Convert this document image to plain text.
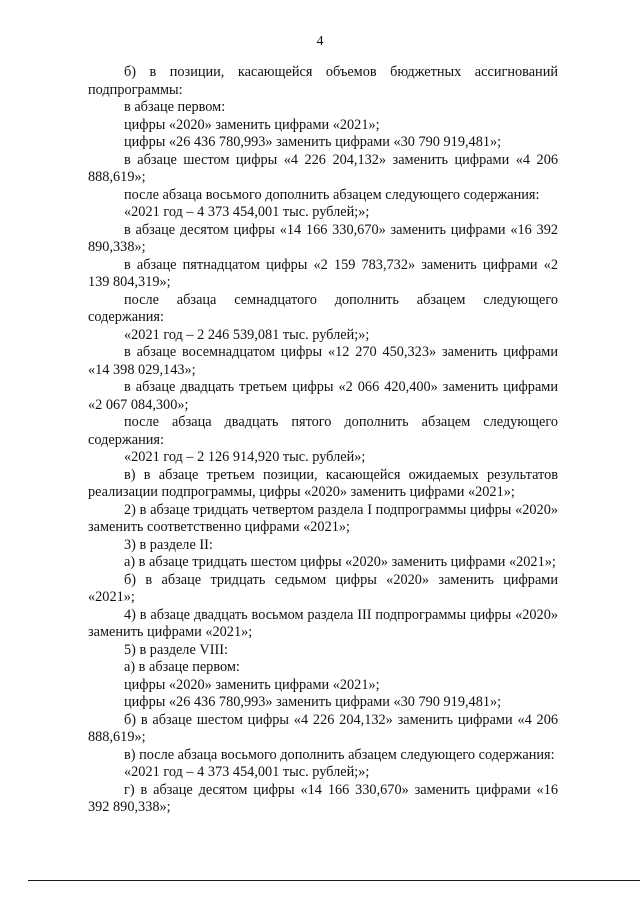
4

б) в позиции, касающейся объемов бюджетных ассигнований подпрограммы:

в абзаце первом:

цифры «2020» заменить цифрами «2021»;

цифры «26 436 780,993» заменить цифрами «30 790 919,481»;

в абзаце шестом цифры «4 226 204,132» заменить цифрами «4 206 888,619»;

после абзаца восьмого дополнить абзацем следующего содержания:

«2021 год – 4 373 454,001 тыс. рублей;»;

в абзаце десятом цифры «14 166 330,670» заменить цифрами «16 392 890,338»;

в абзаце пятнадцатом цифры «2 159 783,732» заменить цифрами «2 139 804,319»;

после абзаца семнадцатого дополнить абзацем следующего содержания:

«2021 год – 2 246 539,081 тыс. рублей;»;

в абзаце восемнадцатом цифры «12 270 450,323» заменить цифрами «14 398 029,143»;

в абзаце двадцать третьем цифры «2 066 420,400» заменить цифрами «2 067 084,300»;

после абзаца двадцать пятого дополнить абзацем следующего содержания:

«2021 год – 2 126 914,920 тыс. рублей»;

в) в абзаце третьем позиции, касающейся ожидаемых результатов реализации подпрограммы, цифры «2020» заменить цифрами «2021»;

2) в абзаце тридцать четвертом раздела I подпрограммы цифры «2020» заменить соответственно цифрами «2021»;

3) в разделе II:

а) в абзаце тридцать шестом цифры «2020» заменить цифрами «2021»;

б) в абзаце тридцать седьмом цифры «2020» заменить цифрами «2021»;

4) в абзаце двадцать восьмом раздела III подпрограммы цифры «2020» заменить цифрами «2021»;

5) в разделе VIII:

а) в абзаце первом:

цифры «2020» заменить цифрами «2021»;

цифры «26 436 780,993» заменить цифрами «30 790 919,481»;

б) в абзаце шестом цифры «4 226 204,132» заменить цифрами «4 206 888,619»;

в) после абзаца восьмого дополнить абзацем следующего содержания:

«2021 год – 4 373 454,001 тыс. рублей;»;

г) в абзаце десятом цифры «14 166 330,670» заменить цифрами «16 392 890,338»;
